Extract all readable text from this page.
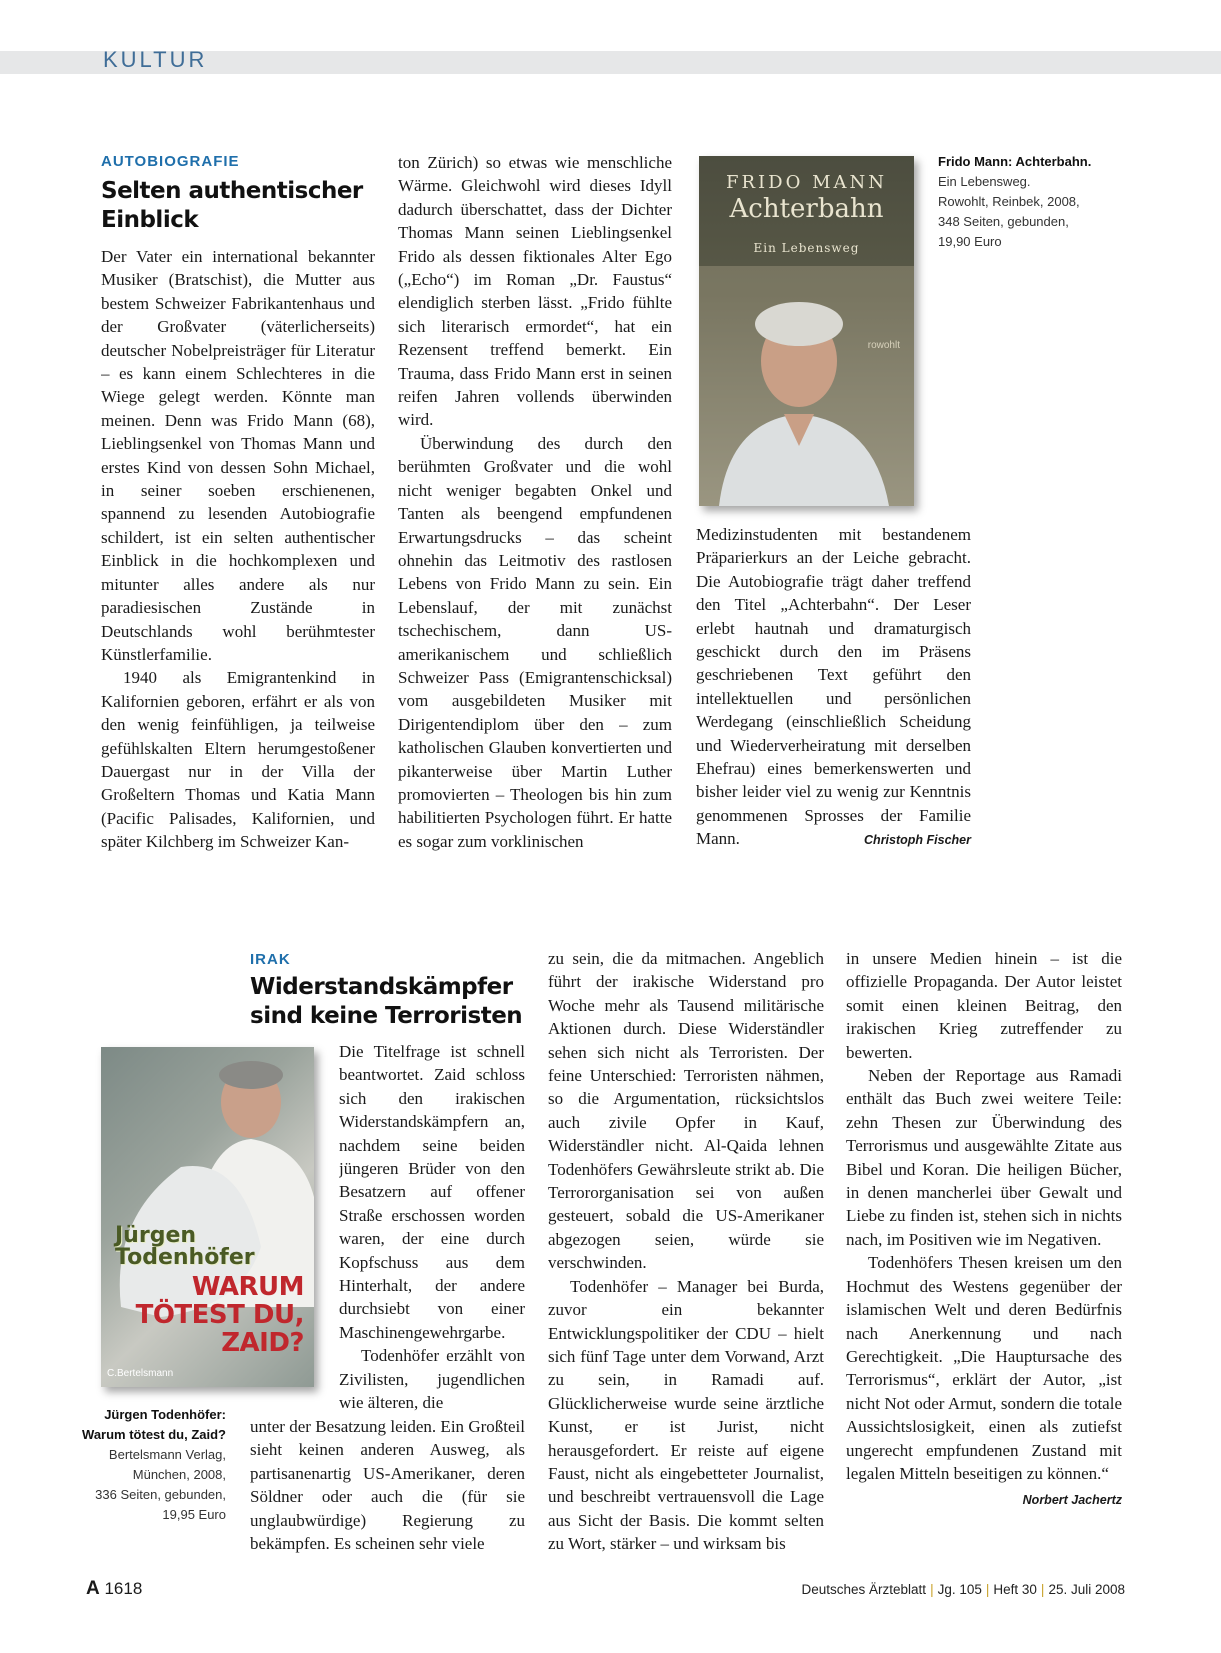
KULTUR
AUTOBIOGRAFIE
Selten authentischer
Einblick

Der Vater ein international bekannter Musiker (Bratschist), die Mutter aus bestem Schweizer Fabrikantenhaus und der Großvater (väterlicherseits) deutscher Nobelpreisträger für Literatur – es kann einem Schlechteres in die Wiege gelegt werden. Könnte man meinen. Denn was Frido Mann (68), Lieblingsenkel von Thomas Mann und erstes Kind von dessen Sohn Michael, in seiner soeben erschienenen, spannend zu lesenden Autobiografie schildert, ist ein selten authentischer Einblick in die hochkomplexen und mitunter alles andere als nur paradiesischen Zustände in Deutschlands wohl berühmtester Künstlerfamilie.

1940 als Emigrantenkind in Kalifornien geboren, erfährt er als von den wenig feinfühligen, ja teilweise gefühlskalten Eltern herumgestoßener Dauergast nur in der Villa der Großeltern Thomas und Katia Mann (Pacific Palisades, Kalifornien, und später Kilchberg im Schweizer Kan-

ton Zürich) so etwas wie menschliche Wärme. Gleichwohl wird dieses Idyll dadurch überschattet, dass der Dichter Thomas Mann seinen Lieblingsenkel Frido als dessen fiktionales Alter Ego („Echo“) im Roman „Dr. Faustus“ elendiglich sterben lässt. „Frido fühlte sich literarisch ermordet“, hat ein Rezensent treffend bemerkt. Ein Trauma, dass Frido Mann erst in seinen reifen Jahren vollends überwinden wird.

Überwindung des durch den berühmten Großvater und die wohl nicht weniger begabten Onkel und Tanten als beengend empfundenen Erwartungsdrucks – das scheint ohnehin das Leitmotiv des rastlosen Lebens von Frido Mann zu sein. Ein Lebenslauf, der mit zunächst tschechischem, dann US-amerikanischem und schließlich Schweizer Pass (Emigrantenschicksal) vom ausgebildeten Musiker mit Dirigentendiplom über den – zum katholischen Glauben konvertierten und pikanterweise über Martin Luther promovierten – Theologen bis hin zum habilitierten Psychologen führt. Er hatte es sogar zum vorklinischen

Medizinstudenten mit bestandenem Präparierkurs an der Leiche gebracht. Die Autobiografie trägt daher treffend den Titel „Achterbahn“. Der Leser erlebt hautnah und dramaturgisch geschickt durch den im Präsens geschriebenen Text geführt den intellektuellen und persönlichen Werdegang (einschließlich Scheidung und Wiederverheiratung mit derselben Ehefrau) eines bemerkenswerten und bisher leider viel zu wenig zur Kenntnis genommenen Sprosses der Familie Mann.	Christoph Fischer
FRIDO MANN
Achterbahn
Ein Lebensweg
rowohlt
Frido Mann: Achterbahn.
Ein Lebensweg.
Rowohlt, Reinbek, 2008,
348 Seiten, gebunden,
19,90 Euro
IRAK
Widerstandskämpfer
sind keine Terroristen
Jürgen
Todenhöfer
WARUM
TÖTEST DU,
ZAID?
C.Bertelsmann
Jürgen Todenhöfer:
Warum tötest du, Zaid?
Bertelsmann Verlag,
München, 2008,
336 Seiten, gebunden,
19,95 Euro

Die Titelfrage ist schnell beantwortet. Zaid schloss sich den irakischen Widerstandskämpfern an, nachdem seine beiden jüngeren Brüder von den Besatzern auf offener Straße erschossen worden waren, der eine durch Kopfschuss aus dem Hinterhalt, der andere durchsiebt von einer Maschinengewehrgarbe.

Todenhöfer erzählt von Zivilisten, jugendlichen wie älteren, die

unter der Besatzung leiden. Ein Großteil sieht keinen anderen Ausweg, als partisanenartig US-Amerikaner, deren Söldner oder auch die (für sie unglaubwürdige) Regierung zu bekämpfen. Es scheinen sehr viele

zu sein, die da mitmachen. Angeblich führt der irakische Widerstand pro Woche mehr als Tausend militärische Aktionen durch. Diese Widerständler sehen sich nicht als Terroristen. Der feine Unterschied: Terroristen nähmen, so die Argumentation, rücksichtslos auch zivile Opfer in Kauf, Widerständler nicht. Al-Qaida lehnen Todenhöfers Gewährsleute strikt ab. Die Terrororganisation sei von außen gesteuert, sobald die US-Amerikaner abgezogen seien, würde sie verschwinden.

Todenhöfer – Manager bei Burda, zuvor ein bekannter Entwicklungspolitiker der CDU – hielt sich fünf Tage unter dem Vorwand, Arzt zu sein, in Ramadi auf. Glücklicherweise wurde seine ärztliche Kunst, er ist Jurist, nicht herausgefordert. Er reiste auf eigene Faust, nicht als eingebetteter Journalist, und beschreibt vertrauensvoll die Lage aus Sicht der Basis. Die kommt selten zu Wort, stärker – und wirksam bis

in unsere Medien hinein – ist die offizielle Propaganda. Der Autor leistet somit einen kleinen Beitrag, den irakischen Krieg zutreffender zu bewerten.

Neben der Reportage aus Ramadi enthält das Buch zwei weitere Teile: zehn Thesen zur Überwindung des Terrorismus und ausgewählte Zitate aus Bibel und Koran. Die heiligen Bücher, in denen mancherlei über Gewalt und Liebe zu finden ist, stehen sich in nichts nach, im Positiven wie im Negativen.

Todenhöfers Thesen kreisen um den Hochmut des Westens gegenüber der islamischen Welt und deren Bedürfnis nach Anerkennung und nach Gerechtigkeit. „Die Hauptursache des Terrorismus“, erklärt der Autor, „ist nicht Not oder Armut, sondern die totale Aussichtslosigkeit, einen als zutiefst ungerecht empfundenen Zustand mit legalen Mitteln beseitigen zu können.“

Norbert Jachertz
A 1618	Deutsches Ärzteblatt | Jg. 105 | Heft 30 | 25. Juli 2008
